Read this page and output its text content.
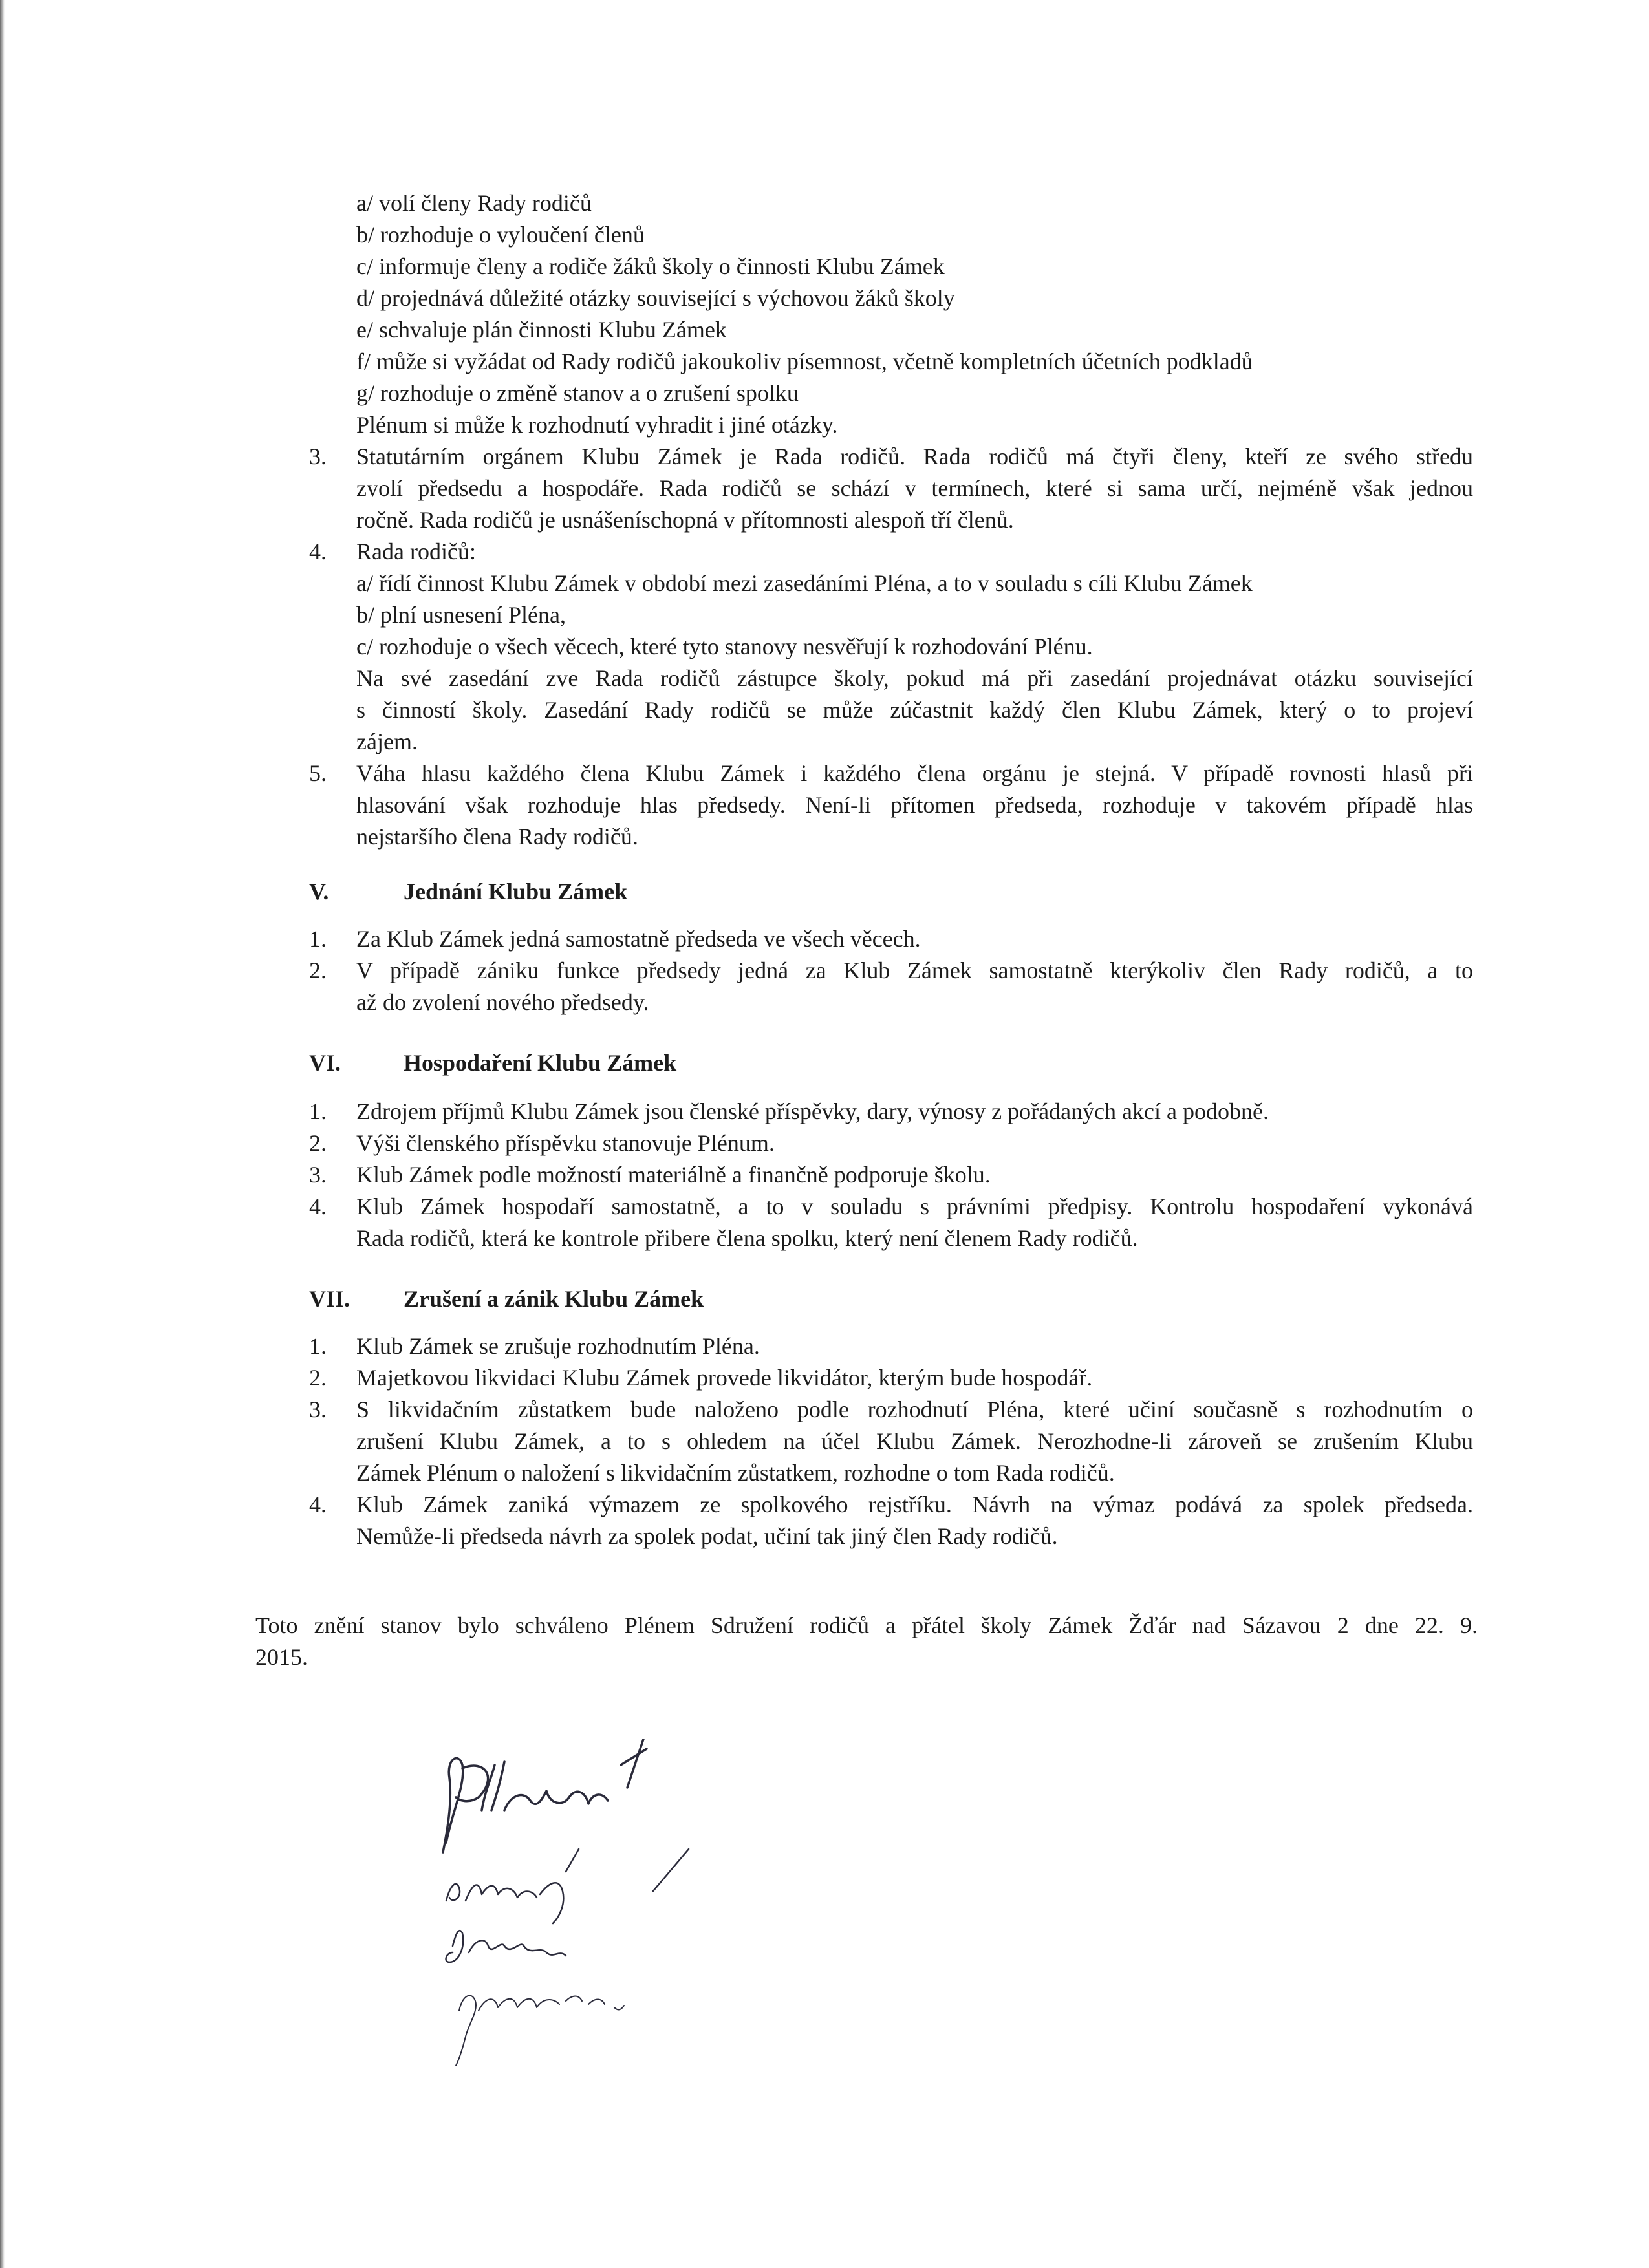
a/ volí členy Rady rodičů
b/ rozhoduje o vyloučení členů
c/ informuje členy a rodiče žáků školy o činnosti Klubu Zámek
d/ projednává důležité otázky související s výchovou žáků školy
e/ schvaluje plán činnosti Klubu Zámek
f/ může si vyžádat od Rady rodičů jakoukoliv písemnost, včetně kompletních účetních podkladů
g/ rozhoduje o změně stanov a o zrušení spolku
Plénum si může k rozhodnutí vyhradit i jiné otázky.
3.	Statutárním orgánem Klubu Zámek je Rada rodičů. Rada rodičů má čtyři členy, kteří ze svého středu
zvolí předsedu a hospodáře. Rada rodičů se schází v termínech, které si sama určí, nejméně však jednou
ročně. Rada rodičů je usnášeníschopná v přítomnosti alespoň tří členů.
4.	Rada rodičů:
a/ řídí činnost Klubu Zámek v období mezi zasedáními Pléna, a to v souladu s cíli Klubu Zámek
b/ plní usnesení Pléna,
c/ rozhoduje o všech věcech, které tyto stanovy nesvěřují k rozhodování Plénu.
Na své zasedání zve Rada rodičů zástupce školy, pokud má při zasedání projednávat otázku související
s činností školy. Zasedání Rady rodičů se může zúčastnit každý člen Klubu Zámek, který o to projeví
zájem.
5.	Váha hlasu každého člena Klubu Zámek i každého člena orgánu je stejná. V případě rovnosti hlasů při
hlasování však rozhoduje hlas předsedy. Není-li přítomen předseda, rozhoduje v takovém případě hlas
nejstaršího člena Rady rodičů.
V.	Jednání Klubu Zámek
1.	Za Klub Zámek jedná samostatně předseda ve všech věcech.
2.	V případě zániku funkce předsedy jedná za Klub Zámek samostatně kterýkoliv člen Rady rodičů, a to
až do zvolení nového předsedy.
VI.	Hospodaření Klubu Zámek
1.	Zdrojem příjmů Klubu Zámek jsou členské příspěvky, dary, výnosy z pořádaných akcí a podobně.
2.	Výši členského příspěvku stanovuje Plénum.
3.	Klub Zámek podle možností materiálně a finančně podporuje školu.
4.	Klub Zámek hospodaří samostatně, a to v souladu s právními předpisy. Kontrolu hospodaření vykonává
Rada rodičů, která ke kontrole přibere člena spolku, který není členem Rady rodičů.
VII. Zrušení a zánik Klubu Zámek
1.	Klub Zámek se zrušuje rozhodnutím Pléna.
2.	Majetkovou likvidaci Klubu Zámek provede likvidátor, kterým bude hospodář.
3.	S likvidačním zůstatkem bude naloženo podle rozhodnutí Pléna, které učiní současně s rozhodnutím o
zrušení Klubu Zámek, a to s ohledem na účel Klubu Zámek. Nerozhodne-li zároveň se zrušením Klubu
Zámek Plénum o naložení s likvidačním zůstatkem, rozhodne o tom Rada rodičů.
4.	Klub Zámek zaniká výmazem ze spolkového rejstříku. Návrh na výmaz podává za spolek předseda.
Nemůže-li předseda návrh za spolek podat, učiní tak jiný člen Rady rodičů.
Toto znění stanov bylo schváleno Plénem Sdružení rodičů a přátel školy Zámek Žďár nad Sázavou 2 dne 22. 9.
2015.
